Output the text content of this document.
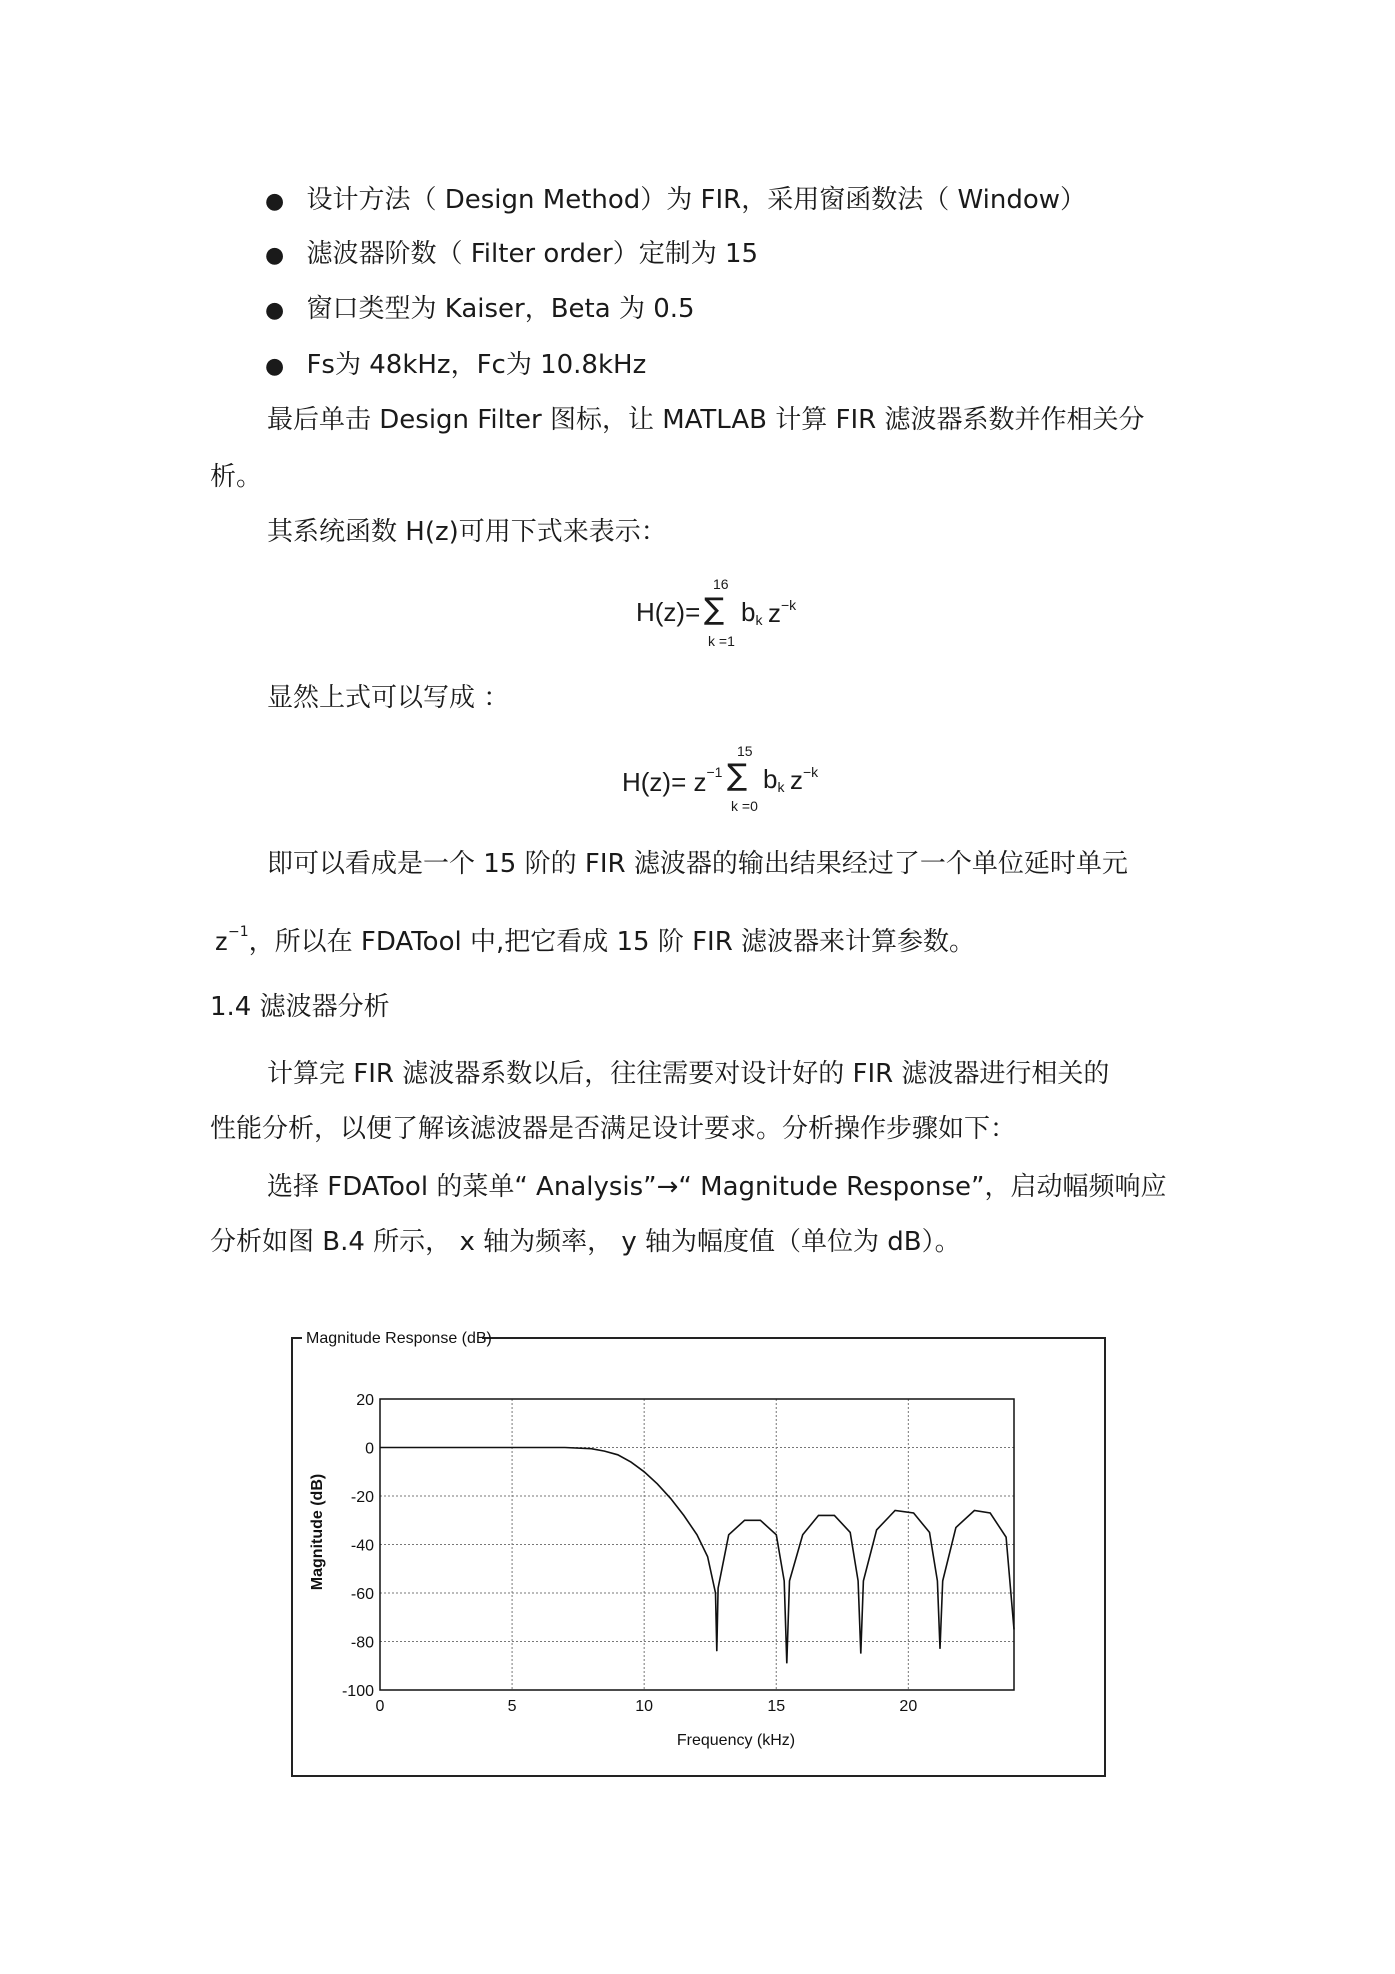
● 设计方法（ Design Method）为 FIR，采用窗函数法（ Window）
● 滤波器阶数（ Filter order）定制为 15
● 窗口类型为 Kaiser，Beta 为 0.5
● Fs为 48kHz，Fc为 10.8kHz
最后单击 Design Filter 图标，让 MATLAB 计算 FIR 滤波器系数并作相关分
析。
其系统函数 H(z)可用下式来表示：
H(z)=
16
∑
k =1
$b_k$ $z^{-k}$
显然上式可以写成 ：
$H(z)= z^{-1}$
15
∑
k =0
$b_k$ $z^{-k}$
即可以看成是一个 15 阶的 FIR 滤波器的输出结果经过了一个单位延时单元
$z^{-1}$，所以在 FDATool 中,把它看成 15 阶 FIR 滤波器来计算参数。
1.4 滤波器分析
计算完 FIR 滤波器系数以后，往往需要对设计好的 FIR 滤波器进行相关的
性能分析，以便了解该滤波器是否满足设计要求。分析操作步骤如下：
选择 FDATool 的菜单“ Analysis”→“ Magnitude Response”，启动幅频响应
分析如图 B.4 所示， x 轴为频率， y 轴为幅度值（单位为 dB）。
Magnitude Response (dB)
0	5	10	15	20
20
0
-20
-40
-60
-80
-100
Frequency (kHz)
Magnitude (dB)
